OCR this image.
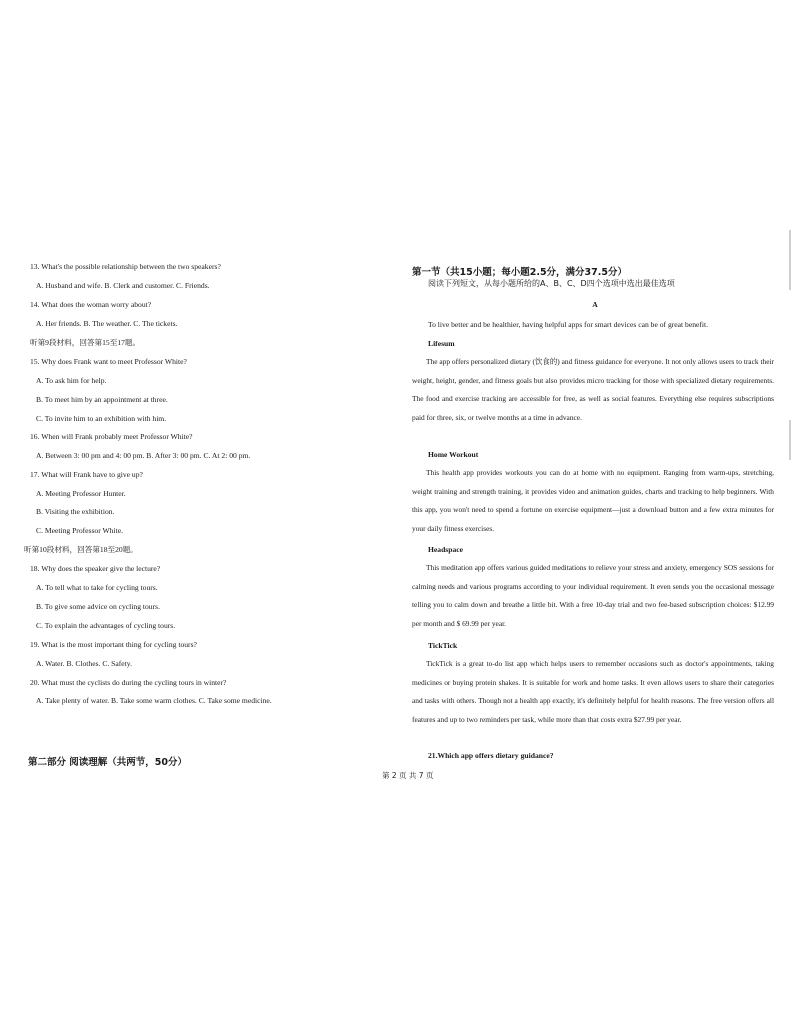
13. What's the possible relationship between the two speakers?
A. Husband and wife. B. Clerk and customer. C. Friends.
14. What does the woman worry about?
A. Her friends. B. The weather. C. The tickets.
听第9段材料，回答第15至17题。
15. Why does Frank want to meet Professor White?
A. To ask him for help.
B. To meet him by an appointment at three.
C. To invite him to an exhibition with him.
16. When will Frank probably meet Professor White?
A. Between 3: 00 pm and 4: 00 pm. B. After 3: 00 pm. C. At 2: 00 pm.
17. What will Frank have to give up?
A. Meeting Professor Hunter.
B. Visiting the exhibition.
C. Meeting Professor White.
听第10段材料，回答第18至20题。
18. Why does the speaker give the lecture?
A. To tell what to take for cycling tours.
B. To give some advice on cycling tours.
C. To explain the advantages of cycling tours.
19. What is the most important thing for cycling tours?
A. Water. B. Clothes. C. Safety.
20. What must the cyclists do during the cycling tours in winter?
A. Take plenty of water. B. Take some warm clothes. C. Take some medicine.
第二部分 阅读理解（共两节，50分）
第一节（共15小题；每小题2.5分，满分37.5分）
阅读下列短文，从每小题所给的A、B、C、D四个选项中选出最佳选项
A
To live better and be healthier, having helpful apps for smart devices can be of great benefit.
Lifesum
The app offers personalized dietary (饮食的) and fitness guidance for everyone. It not only allows users to track their weight, height, gender, and fitness goals but also provides micro tracking for those with specialized dietary requirements. The food and exercise tracking are accessible for free, as well as social features. Everything else requires subscriptions paid for three, six, or twelve months at a time in advance.
Home Workout
This health app provides workouts you can do at home with no equipment. Ranging from warm-ups, stretching, weight training and strength training, it provides video and animation guides, charts and tracking to help beginners. With this app, you won't need to spend a fortune on exercise equipment—just a download button and a few extra minutes for your daily fitness exercises.
Headspace
This meditation app offers various guided meditations to relieve your stress and anxiety, emergency SOS sessions for calming needs and various programs according to your individual requirement. It even sends you the occasional message telling you to calm down and breathe a little bit. With a free 10-day trial and two fee-based subscription choices: $12.99 per month and $ 69.99 per year.
TickTick
TickTick is a great to-do list app which helps users to remember occasions such as doctor's appointments, taking medicines or buying protein shakes. It is suitable for work and home tasks. It even allows users to share their categories and tasks with others. Though not a health app exactly, it's definitely helpful for health reasons. The free version offers all features and up to two reminders per task, while more than that costs extra $27.99 per year.
21.Which app offers dietary guidance?
第 2 页 共 7 页
